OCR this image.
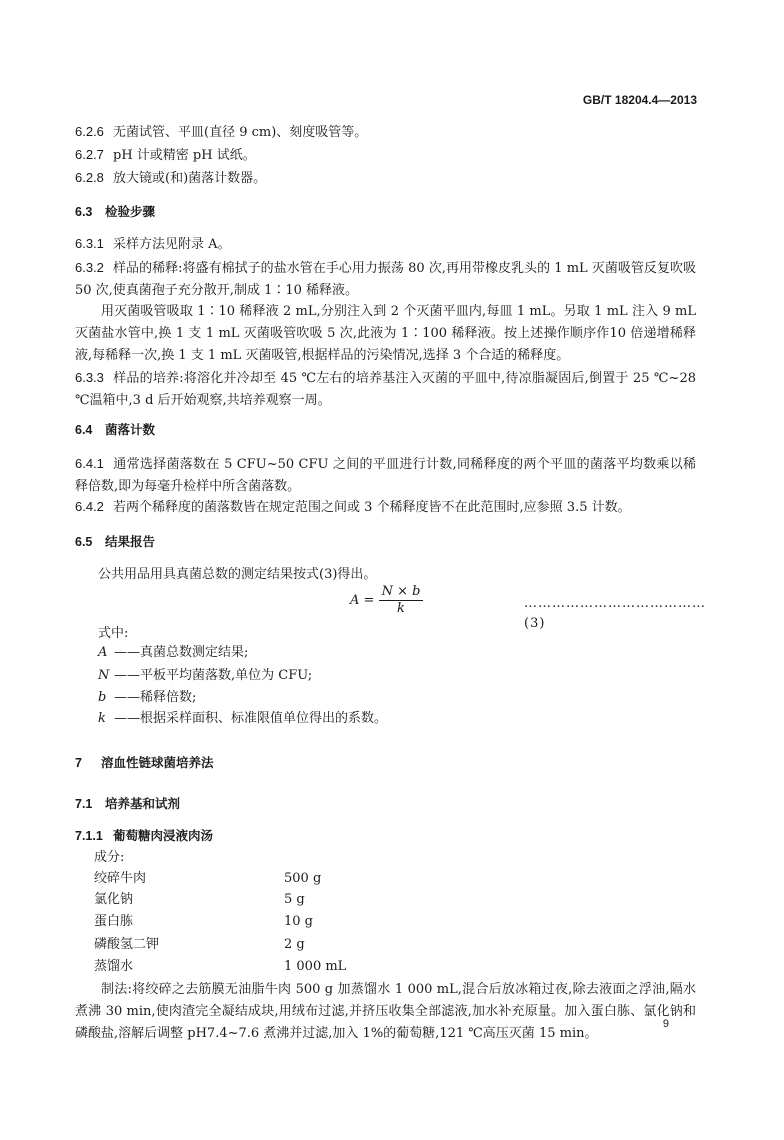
GB/T 18204.4—2013
6.2.6 无菌试管、平皿(直径 9 cm)、刻度吸管等。
6.2.7 pH 计或精密 pH 试纸。
6.2.8 放大镜或(和)菌落计数器。
6.3 检验步骤
6.3.1 采样方法见附录 A。
6.3.2 样品的稀释:将盛有棉拭子的盐水管在手心用力振荡 80 次,再用带橡皮乳头的 1 mL 灭菌吸管反复吹吸 50 次,使真菌孢子充分散开,制成 1∶10 稀释液。
用灭菌吸管吸取 1∶10 稀释液 2 mL,分别注入到 2 个灭菌平皿内,每皿 1 mL。另取 1 mL 注入 9 mL 灭菌盐水管中,换 1 支 1 mL 灭菌吸管吹吸 5 次,此液为 1∶100 稀释液。按上述操作顺序作10 倍递增稀释液,每稀释一次,换 1 支 1 mL 灭菌吸管,根据样品的污染情况,选择 3 个合适的稀释度。
6.3.3 样品的培养:将溶化并冷却至 45 ℃左右的培养基注入灭菌的平皿中,待凉脂凝固后,倒置于 25 ℃~28 ℃温箱中,3 d 后开始观察,共培养观察一周。
6.4 菌落计数
6.4.1 通常选择菌落数在 5 CFU~50 CFU 之间的平皿进行计数,同稀释度的两个平皿的菌落平均数乘以稀释倍数,即为每毫升检样中所含菌落数。
6.4.2 若两个稀释度的菌落数皆在规定范围之间或 3 个稀释度皆不在此范围时,应参照 3.5 计数。
6.5 结果报告
公共用品用具真菌总数的测定结果按式(3)得出。
$A = \frac{N \times b}{k}$	…………………………………(3)
式中:
A ——真菌总数测定结果;
N ——平板平均菌落数,单位为 CFU;
b ——稀释倍数;
k ——根据采样面积、标准限值单位得出的系数。
7 溶血性链球菌培养法
7.1 培养基和试剂
7.1.1 葡萄糖肉浸液肉汤
成分:
绞碎牛肉	500 g
氯化钠	5 g
蛋白胨	10 g
磷酸氢二钾	2 g
蒸馏水	1 000 mL
制法:将绞碎之去筋膜无油脂牛肉 500 g 加蒸馏水 1 000 mL,混合后放冰箱过夜,除去液面之浮油,隔水煮沸 30 min,使肉渣完全凝结成块,用绒布过滤,并挤压收集全部滤液,加水补充原量。加入蛋白胨、氯化钠和磷酸盐,溶解后调整 pH7.4~7.6 煮沸并过滤,加入 1%的葡萄糖,121 ℃高压灭菌 15 min。
9
